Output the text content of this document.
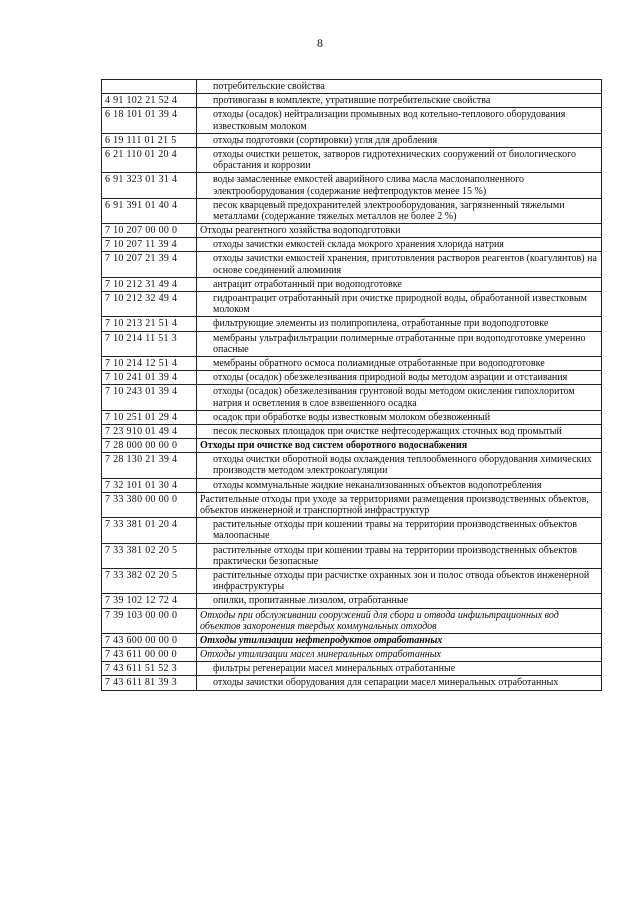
8
	потребительские свойства
4 91 102 21 52 4	противогазы в комплекте, утратившие потребительские свойства
6 18 101 01 39 4	отходы (осадок) нейтрализации промывных вод котельно-теплового оборудования известковым молоком
6 19 111 01 21 5	отходы подготовки (сортировки) угля для дробления
6 21 110 01 20 4	отходы очистки решеток, затворов гидротехнических сооружений от биологического обрастания и коррозии
6 91 323 01 31 4	воды замасленные емкостей аварийного слива масла маслонаполненного электрооборудования (содержание нефтепродуктов менее 15 %)
6 91 391 01 40 4	песок кварцевый предохранителей электрооборудования, загрязненный тяжелыми металлами (содержание тяжелых металлов не более 2 %)
7 10 207 00 00 0	Отходы реагентного хозяйства водоподготовки
7 10 207 11 39 4	отходы зачистки емкостей склада мокрого хранения хлорида натрия
7 10 207 21 39 4	отходы зачистки емкостей хранения, приготовления растворов реагентов (коагулянтов) на основе соединений алюминия
7 10 212 31 49 4	антрацит отработанный при водоподготовке
7 10 212 32 49 4	гидроантрацит отработанный при очистке природной воды, обработанной известковым молоком
7 10 213 21 51 4	фильтрующие элементы из полипропилена, отработанные при водоподготовке
7 10 214 11 51 3	мембраны ультрафильтрации полимерные отработанные при водоподготовке умеренно опасные
7 10 214 12 51 4	мембраны обратного осмоса полиамидные отработанные при водоподготовке
7 10 241 01 39 4	отходы (осадок) обезжелезивания природной воды методом аэрации и отстаивания
7 10 243 01 39 4	отходы (осадок) обезжелезивания грунтовой воды методом окисления гипохлоритом натрия и осветления в слое взвешенного осадка
7 10 251 01 29 4	осадок при обработке воды известковым молоком обезвоженный
7 23 910 01 49 4	песок песковых площадок при очистке нефтесодержащих сточных вод промытый
7 28 000 00 00 0	Отходы при очистке вод систем оборотного водоснабжения
7 28 130 21 39 4	отходы очистки оборотной воды охлаждения теплообменного оборудования химических производств методом электрокоагуляции
7 32 101 01 30 4	отходы коммунальные жидкие неканализованных объектов водопотребления
7 33 380 00 00 0	Растительные отходы при уходе за территориями размещения производственных объектов, объектов инженерной и транспортной инфраструктур
7 33 381 01 20 4	растительные отходы при кошении травы на территории производственных объектов малоопасные
7 33 381 02 20 5	растительные отходы при кошении травы на территории производственных объектов практически безопасные
7 33 382 02 20 5	растительные отходы при расчистке охранных зон и полос отвода объектов инженерной инфраструктуры
7 39 102 12 72 4	опилки, пропитанные лизолом, отработанные
7 39 103 00 00 0	Отходы при обслуживании сооружений для сбора и отвода инфильтрационных вод объектов захоронения твердых коммунальных отходов
7 43 600 00 00 0	Отходы утилизации нефтепродуктов отработанных
7 43 611 00 00 0	Отходы утилизации масел минеральных отработанных
7 43 611 51 52 3	фильтры регенерации масел минеральных отработанные
7 43 611 81 39 3	отходы зачистки оборудования для сепарации масел минеральных отработанных
